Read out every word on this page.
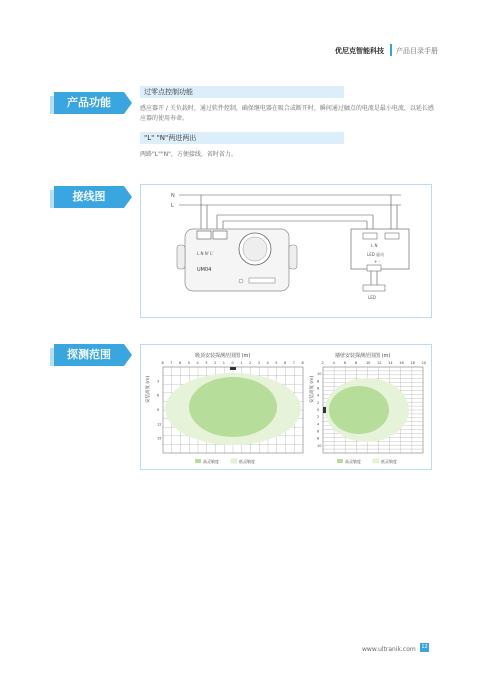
优尼克智能科技 产品目录手册
产品功能
过零点控制功能
感应器开 / 关负载时，通过软件控制，确保继电器在吸合或断开时，瞬间通过触点的电流是最小电流，以延长感
应器的使用寿命。
"L" "N"两进两出
两路"L""N"，方便接线，省时省力。
接线图	N
L
L N N' L'
UM04
L N
LED 驱动
+ -
LED
探测范围	吸顶安装探测范围图 (m)	墙壁安装探测范围图 (m)
8 7 6 5 4 3 2 1 0 1 2 3 4 5 6 7 8
3
6
9
12
15
安装高度 (m)
2	4	6	8	10 12 14 16 18 20
10
8
6
4
2
0
2
4
6
8
10
安装高度 (m)
高灵敏度	低灵敏度	高灵敏度	低灵敏度
www.ultranik.com 12
